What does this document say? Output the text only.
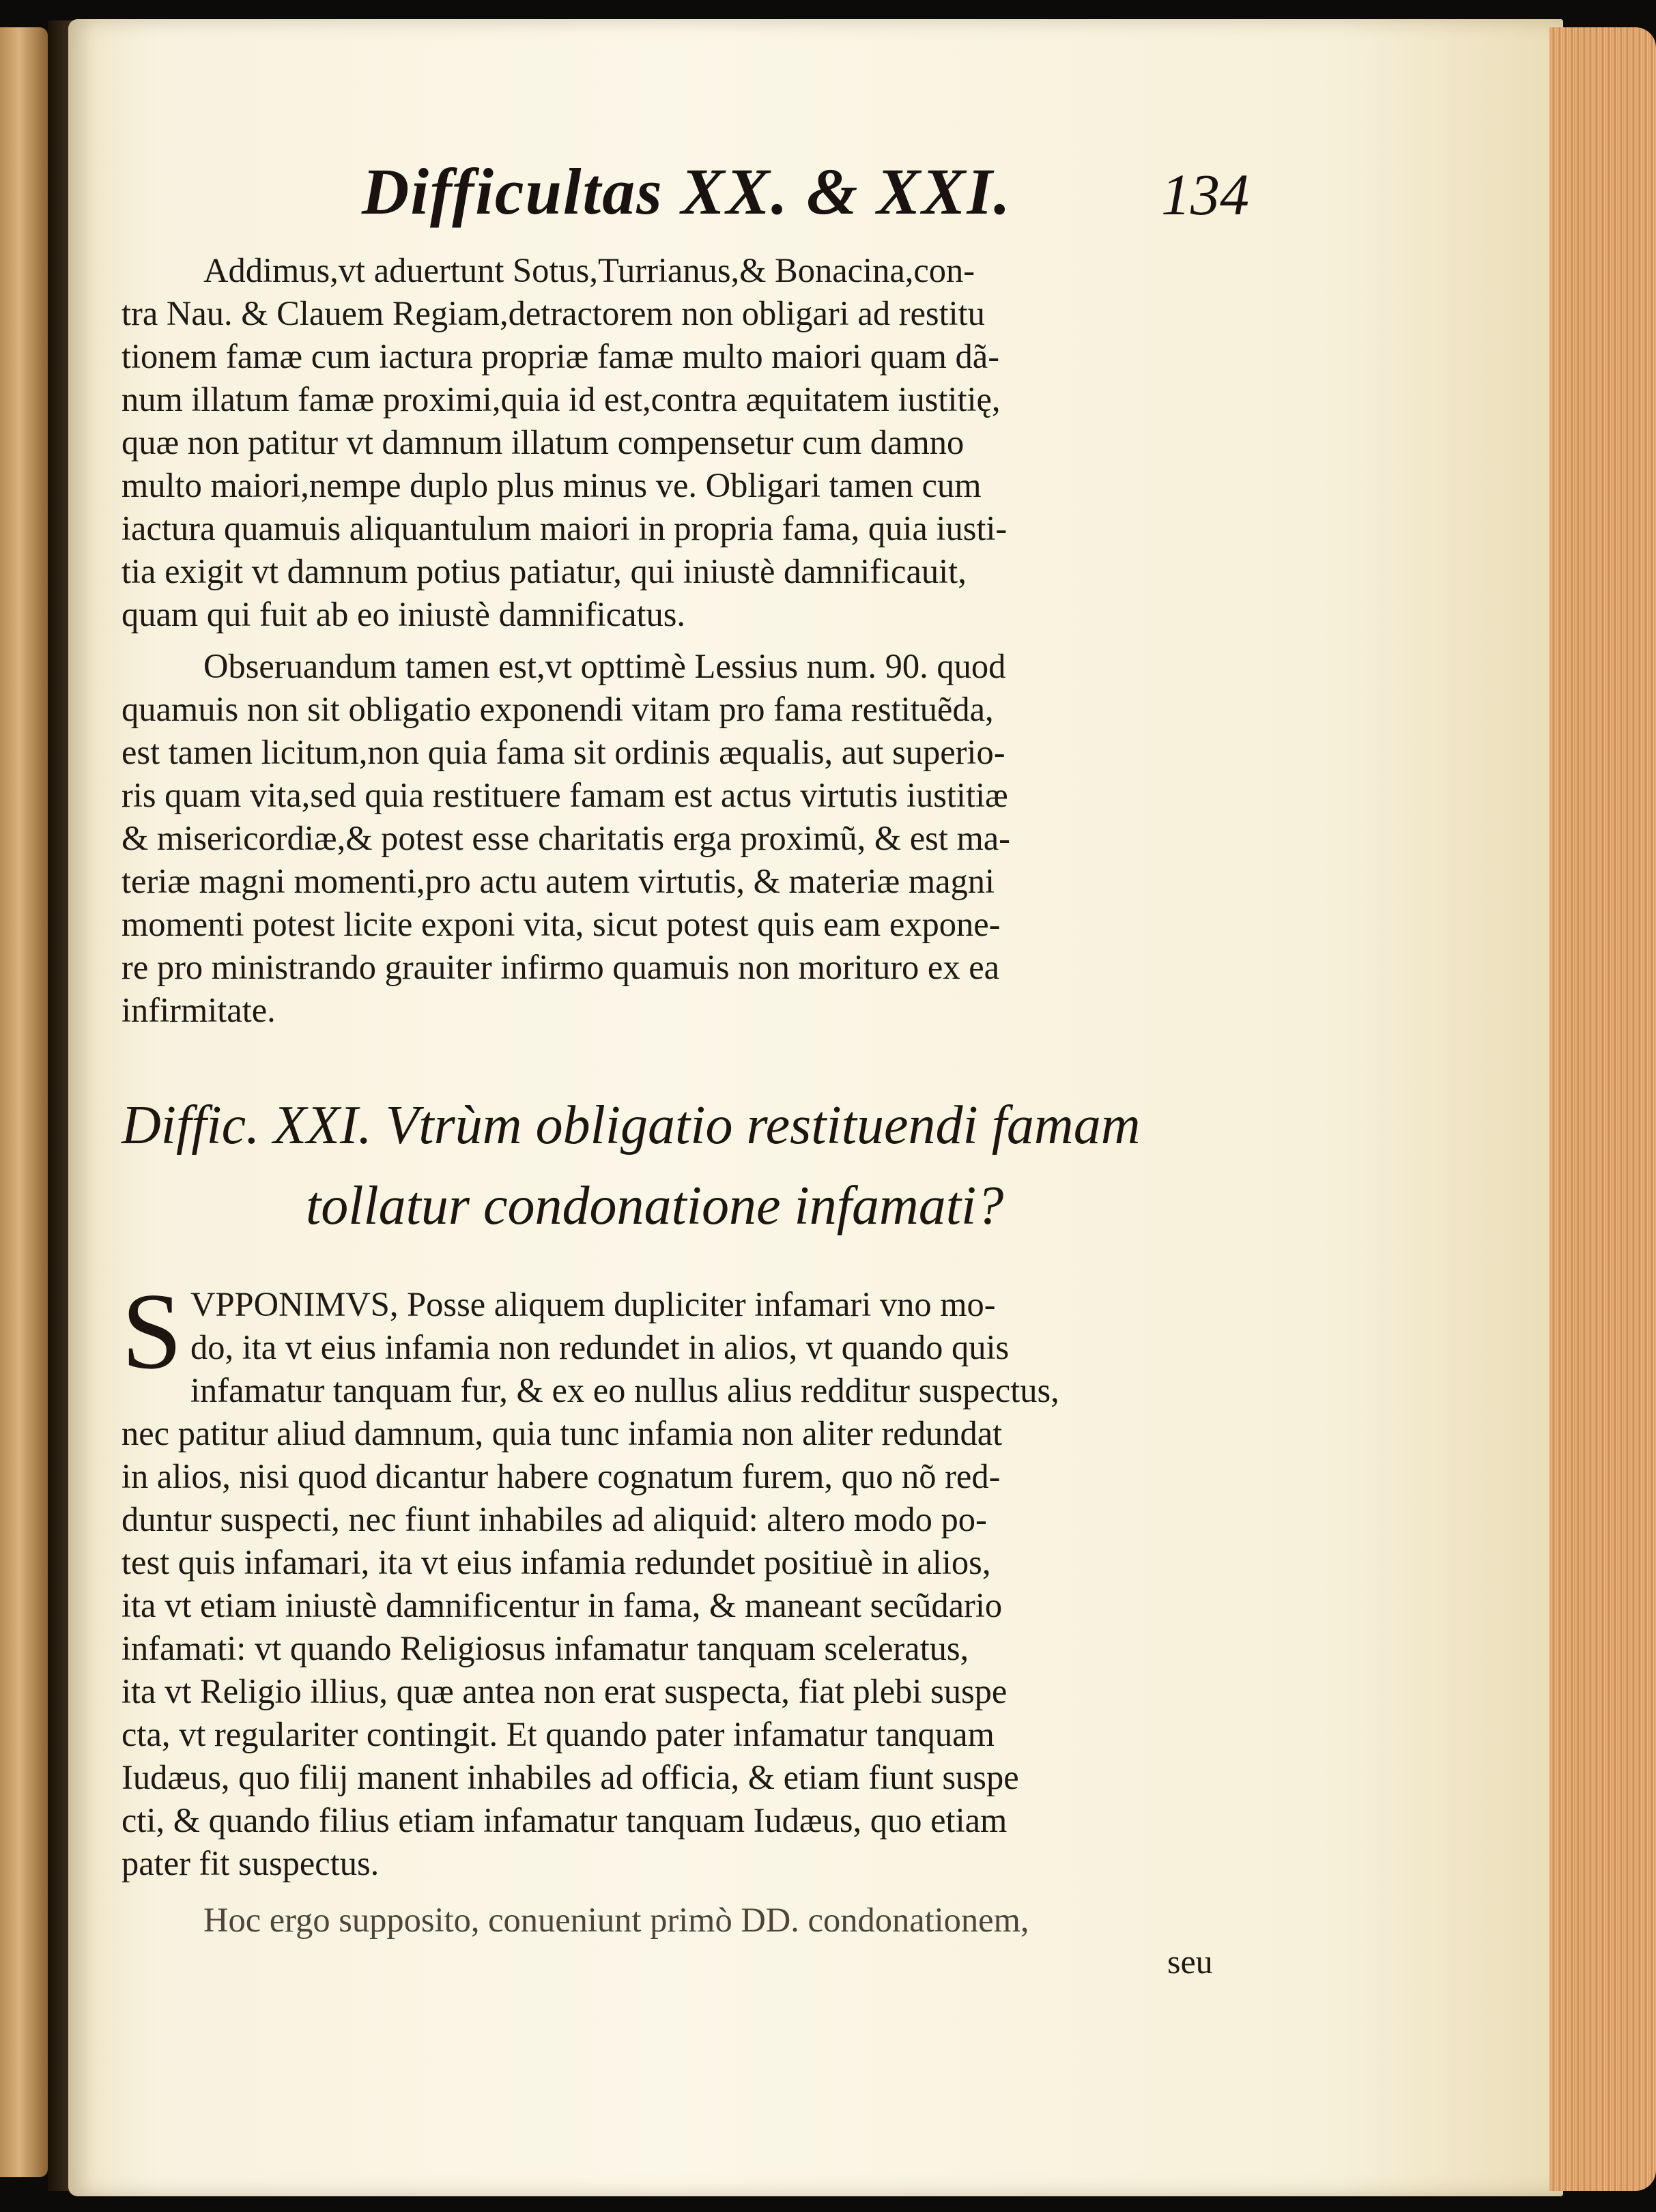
Difficultas XX. & XXI.	134
Addimus,vt aduertunt Sotus,Turrianus,& Bonacina,con-
tra Nau. & Clauem Regiam,detractorem non obligari ad restitu
tionem famæ cum iactura propriæ famæ multo maiori quam dã-
num illatum famæ proximi,quia id est,contra æquitatem iustitię,
quæ non patitur vt damnum illatum compensetur cum damno
multo maiori,nempe duplo plus minus ve. Obligari tamen cum
iactura quamuis aliquantulum maiori in propria fama, quia iusti-
tia exigit vt damnum potius patiatur, qui iniustè damnificauit,
quam qui fuit ab eo iniustè damnificatus.
Obseruandum tamen est,vt opttimè Lessius num. 90. quod
quamuis non sit obligatio exponendi vitam pro fama restituẽda,
est tamen licitum,non quia fama sit ordinis æqualis, aut superio-
ris quam vita,sed quia restituere famam est actus virtutis iustitiæ
& misericordiæ,& potest esse charitatis erga proximũ, & est ma-
teriæ magni momenti,pro actu autem virtutis, & materiæ magni
momenti potest licite exponi vita, sicut potest quis eam expone-
re pro ministrando grauiter infirmo quamuis non morituro ex ea
infirmitate.
Diffic. XXI. Vtrùm obligatio restituendi famam
tollatur condonatione infamati?
S VPPONIMVS, Posse aliquem dupliciter infamari vno mo-
do, ita vt eius infamia non redundet in alios, vt quando quis
infamatur tanquam fur, & ex eo nullus alius redditur suspectus,
nec patitur aliud damnum, quia tunc infamia non aliter redundat
in alios, nisi quod dicantur habere cognatum furem, quo nõ red-
duntur suspecti, nec fiunt inhabiles ad aliquid: altero modo po-
test quis infamari, ita vt eius infamia redundet positiuè in alios,
ita vt etiam iniustè damnificentur in fama, & maneant secũdario
infamati: vt quando Religiosus infamatur tanquam sceleratus,
ita vt Religio illius, quæ antea non erat suspecta, fiat plebi suspe
cta, vt regulariter contingit. Et quando pater infamatur tanquam
Iudæus, quo filij manent inhabiles ad officia, & etiam fiunt suspe
cti, & quando filius etiam infamatur tanquam Iudæus, quo etiam
pater fit suspectus.
Hoc ergo supposito, conueniunt primò DD. condonationem,
seu
